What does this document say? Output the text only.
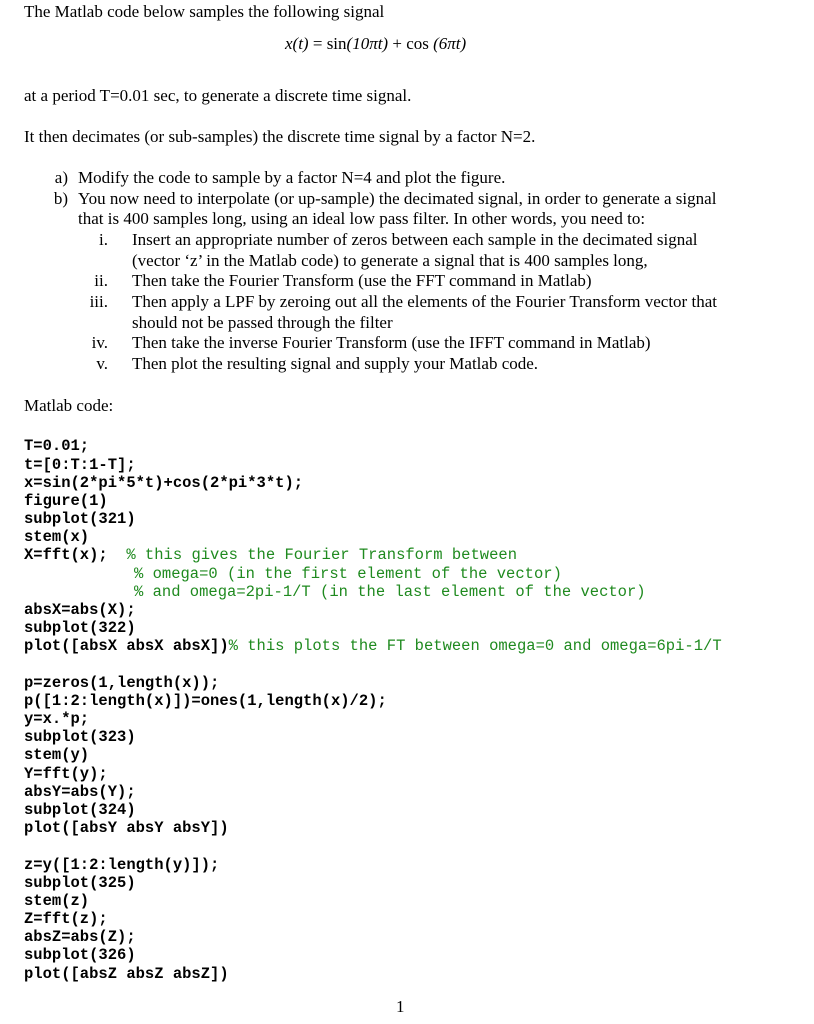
The Matlab code below samples the following signal
x(t) = sin(10πt) + cos (6πt)
at a period T=0.01 sec, to generate a discrete time signal.
It then decimates (or sub-samples) the discrete time signal by a factor N=2.
a) Modify the code to sample by a factor N=4 and plot the figure.
b) You now need to interpolate (or up-sample) the decimated signal, in order to generate a signal
that is 400 samples long, using an ideal low pass filter. In other words, you need to:
i. Insert an appropriate number of zeros between each sample in the decimated signal
(vector ‘z’ in the Matlab code) to generate a signal that is 400 samples long,
ii. Then take the Fourier Transform (use the FFT command in Matlab)
iii. Then apply a LPF by zeroing out all the elements of the Fourier Transform vector that
should not be passed through the filter
iv. Then take the inverse Fourier Transform (use the IFFT command in Matlab)
v. Then plot the resulting signal and supply your Matlab code.
Matlab code:
T=0.01;
t=[0:T:1-T];
x=sin(2*pi*5*t)+cos(2*pi*3*t);
figure(1)
subplot(321)
stem(x)
X=fft(x);  % this gives the Fourier Transform between
% omega=0 (in the first element of the vector)
% and omega=2pi-1/T (in the last element of the vector)
absX=abs(X);
subplot(322)
plot([absX absX absX])% this plots the FT between omega=0 and omega=6pi-1/T
p=zeros(1,length(x));
p([1:2:length(x)])=ones(1,length(x)/2);
y=x.*p;
subplot(323)
stem(y)
Y=fft(y);
absY=abs(Y);
subplot(324)
plot([absY absY absY])
z=y([1:2:length(y)]);
subplot(325)
stem(z)
Z=fft(z);
absZ=abs(Z);
subplot(326)
plot([absZ absZ absZ])
1
